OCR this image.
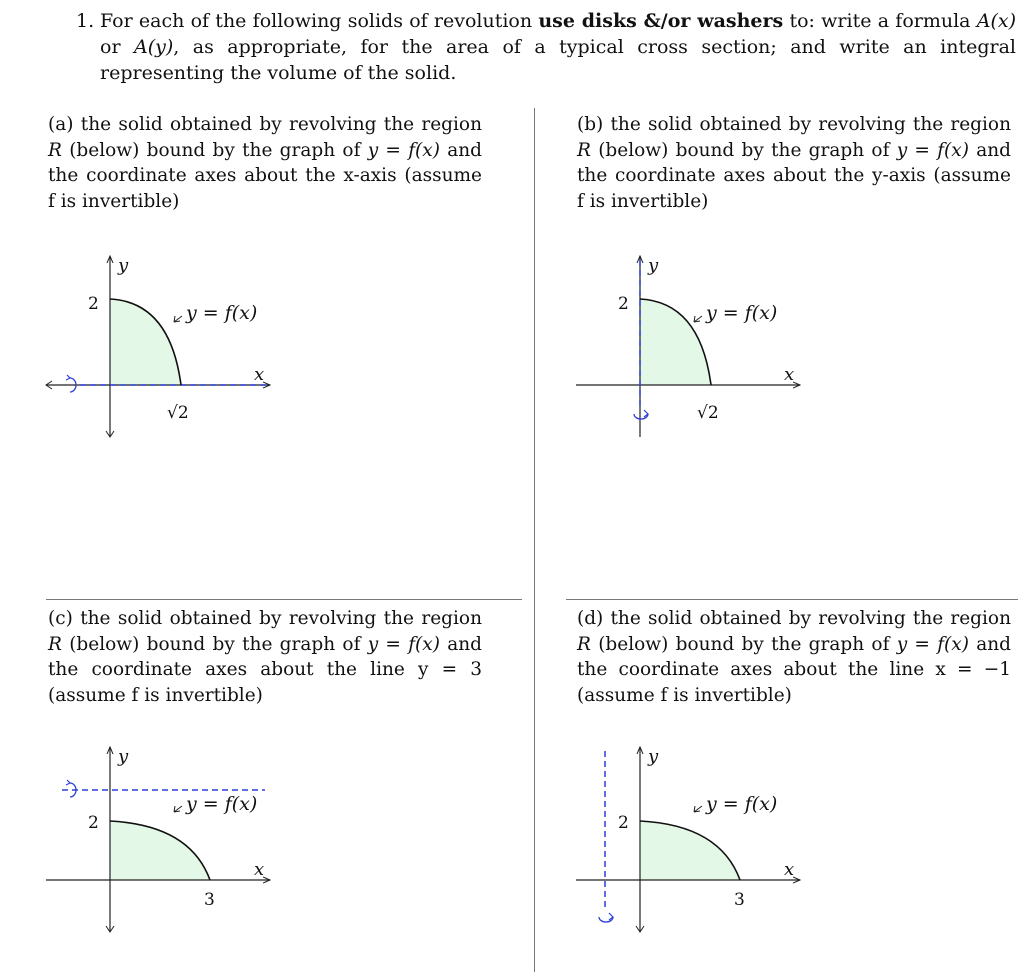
1. For each of the following solids of revolution use disks &/or washers to: write a formula A(x) or A(y), as appropriate, for the area of a typical cross section; and write an integral representing the volume of the solid.
(a) the solid obtained by revolving the region R (below) bound by the graph of y = f(x) and the coordinate axes about the x-axis (assume f is invertible)
(b) the solid obtained by revolving the region R (below) bound by the graph of y = f(x) and the coordinate axes about the y-axis (assume f is invertible)
(c) the solid obtained by revolving the region R (below) bound by the graph of y = f(x) and the coordinate axes about the line y = 3 (assume f is invertible)
(d) the solid obtained by revolving the region R (below) bound by the graph of y = f(x) and the coordinate axes about the line x = −1 (assume f is invertible)
y
x
2
√2
y = f(x)
y
x
2
√2
y = f(x)
y
x
2
3
y = f(x)
y
x
2
3
y = f(x)
